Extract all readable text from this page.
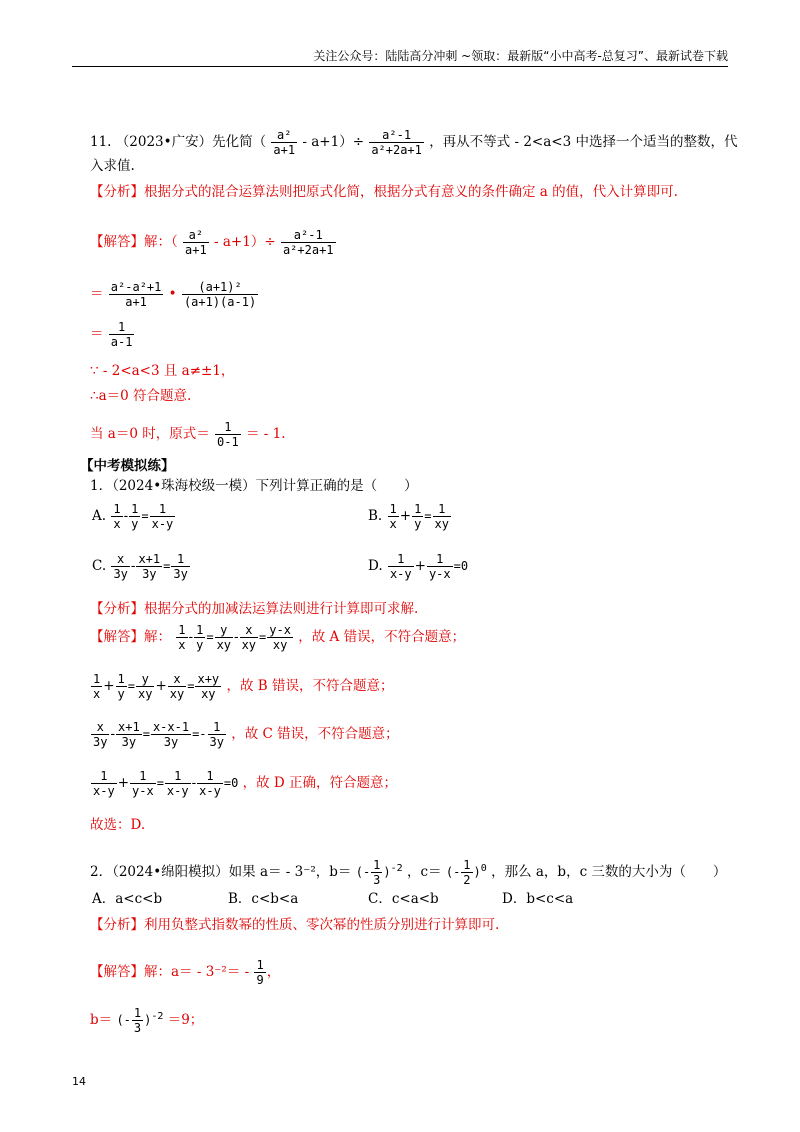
关注公众号：陆陆高分冲刺 ~领取：最新版“小中高考-总复习”、最新试卷下载
11. （2023•广安）先化简（ $\frac{\text{a²}}{a+1} - a+1)\div \frac{\text{a²-1}}{\text{a²+2a+1}}$ ，再从不等式 - 2<a<3 中选择一个适当的整数，代
入求值.
【分析】根据分式的混合运算法则把原式化简，根据分式有意义的条件确定 a 的值，代入计算即可.
【解答】解：（ $\frac{\text{a²}}{a+1} - a+1)\div \frac{\text{a²-1}}{\text{a²+2a+1}}$
＝ $\frac{\text{a²-a²+1}}{a+1}$ • $\frac{\text{(a+1)²}}{(a+1)(a-1)}$
＝ $\frac{1}{a-1}$
∵ - 2<a<3 且 a≠±1，
∴a＝0 符合题意.
当 a＝0 时，原式＝ $\frac{1}{0-1}$ ＝ - 1.
【中考模拟练】
1．（2024•珠海校级一模）下列计算正确的是（　　）
A. $\frac{1}{x} - \frac{1}{y} = \frac{1}{x-y}$	B. $\frac{1}{x} + \frac{1}{y} = \frac{1}{xy}$
C. $\frac{x}{3y} - \frac{x+1}{3y} = \frac{1}{3y}$	D. $\frac{1}{x-y} + \frac{1}{y-x} =0$
【分析】根据分式的加减法运算法则进行计算即可求解.
【解答】解： $\frac{1}{x} - \frac{1}{y} = \frac{y}{xy} - \frac{x}{xy} = \frac{y-x}{xy}$ ，故 A 错误，不符合题意；
$\frac{1}{x} + \frac{1}{y} = \frac{y}{xy} + \frac{x}{xy} = \frac{x+y}{xy}$ ，故 B 错误，不符合题意；
$\frac{x}{3y} - \frac{x+1}{3y} = \frac{x-x-1}{3y} =- \frac{1}{3y}$ ，故 C 错误，不符合题意；
$\frac{1}{x-y} + \frac{1}{y-x} = \frac{1}{x-y} - \frac{1}{x-y} =0$ ，故 D 正确，符合题意；
故选：D.
2．（2024•绵阳模拟）如果 a＝ - 3⁻²，b＝ (- $\frac{1}{3} )^{-2}$ ，c＝ (- $\frac{1}{2} )^0$ ，那么 a，b，c 三数的大小为（　　）
A．a<c<b	B．c<b<a	C．c<a<b	D．b<c<a
【分析】利用负整式指数幂的性质、零次幂的性质分别进行计算即可.
【解答】解：$a= - 3^{-2}= - \frac{1}{9}$ ，
b＝ (- $\frac{1}{3} )^{-2} =9$；
14
